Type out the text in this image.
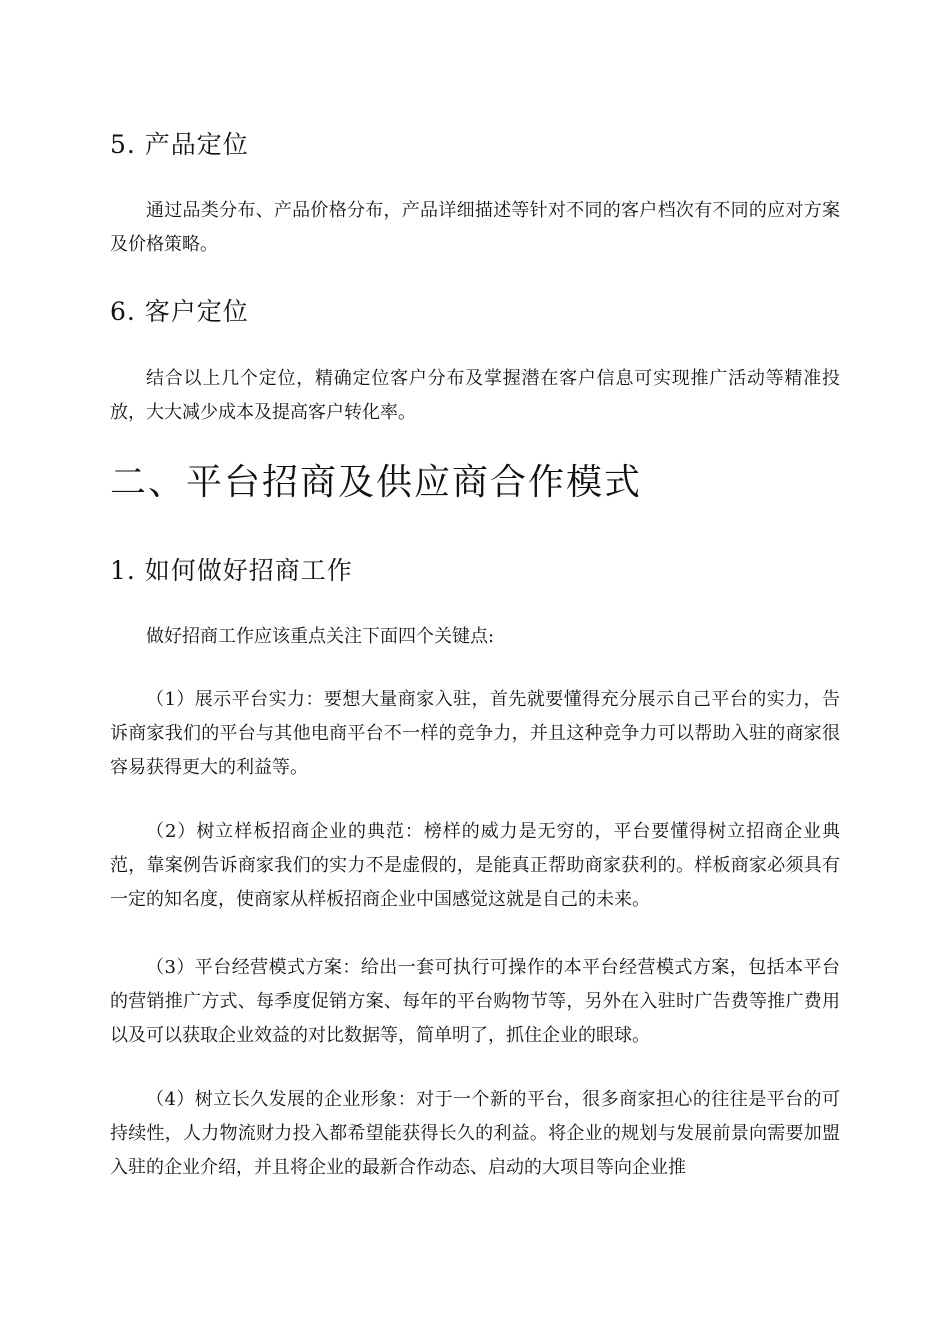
5. 产品定位

通过品类分布、产品价格分布，产品详细描述等针对不同的客户档次有不同的应对方案及价格策略。

6. 客户定位

结合以上几个定位，精确定位客户分布及掌握潜在客户信息可实现推广活动等精准投放，大大减少成本及提高客户转化率。

二、平台招商及供应商合作模式
1. 如何做好招商工作

做好招商工作应该重点关注下面四个关键点:

（1）展示平台实力：要想大量商家入驻，首先就要懂得充分展示自己平台的实力，告诉商家我们的平台与其他电商平台不一样的竞争力，并且这种竞争力可以帮助入驻的商家很容易获得更大的利益等。

（2）树立样板招商企业的典范：榜样的威力是无穷的，平台要懂得树立招商企业典范，靠案例告诉商家我们的实力不是虚假的，是能真正帮助商家获利的。样板商家必须具有一定的知名度，使商家从样板招商企业中国感觉这就是自己的未来。

（3）平台经营模式方案：给出一套可执行可操作的本平台经营模式方案，包括本平台的营销推广方式、每季度促销方案、每年的平台购物节等，另外在入驻时广告费等推广费用以及可以获取企业效益的对比数据等，简单明了，抓住企业的眼球。

（4）树立长久发展的企业形象：对于一个新的平台，很多商家担心的往往是平台的可持续性，人力物流财力投入都希望能获得长久的利益。将企业的规划与发展前景向需要加盟入驻的企业介绍，并且将企业的最新合作动态、启动的大项目等向企业推
